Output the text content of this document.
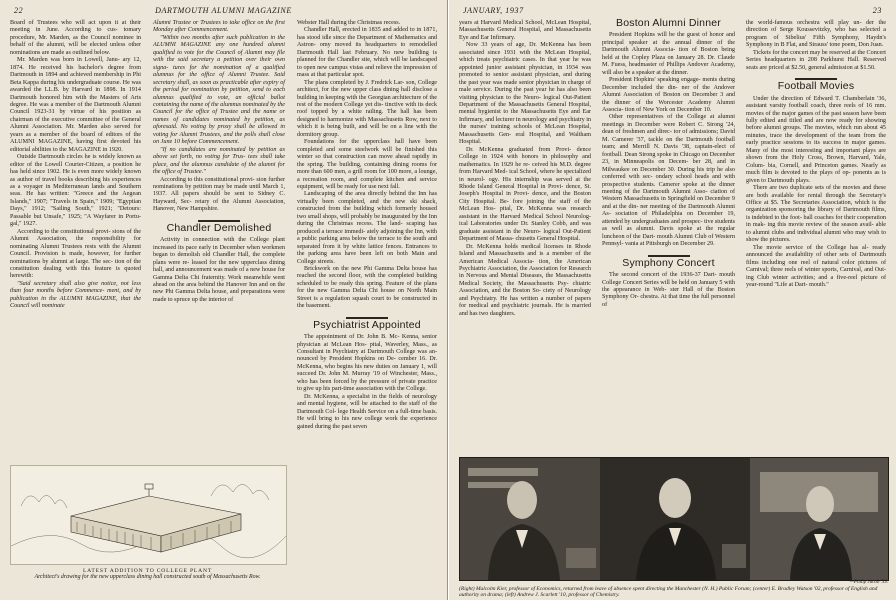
22	DARTMOUTH ALUMNI MAGAZINE

Board of Trustees who will act upon it at their meeting in June. According to cus- tomary procedure, Mr. Marden, as the Council nominee in behalf of the alumni, will be elected unless other nominations are made as outlined below.

Mr. Marden was born in Lowell, Janu- ary 12, 1874. He received his bachelor's degree from Dartmouth in 1894 and achieved membership in Phi Beta Kappa during his undergraduate course. He was awarded the LL.B. by Harvard in 1898. In 1914 Dartmouth honored him with the Masters of Arts degree. He was a member of the Dartmouth Alumni Council 1923-31 by virtue of his position as chairman of the executive committee of the General Alumni Association. Mr. Marden also served for years as a member of the board of editors of the ALUMNI MAGAZINE, having first devoted his editorial abilities to the MAGAZINE in 1920.

Outside Dartmouth circles he is widely known as editor of the Lowell Courier-Citizen, a position he has held since 1902. He is even more widely known as author of travel books describing his experiences as a voyager in Mediterranean lands and Southern seas. He has written: "Greece and the Aegean Islands," 1907; "Travels in Spain," 1909; "Egyptian Days," 1912; "Sailing South," 1921; "Detours: Passable but Unsafe," 1925; "A Wayfarer in Portu- gal," 1927.

According to the constitutional provi- sions of the Alumni Association, the responsibility for nominating Alumni Trustees rests with the Alumni Council. Provision is made, however, for further nominations by alumni at large. The sec- tion of the constitution dealing with this feature is quoted herewith:

"Said secretary shall also give notice, not less than four months before Commence- ment, and by publication in the ALUMNI MAGAZINE, that the Council will nominate

Alumni Trustee or Trustees to take office on the first Monday after Commencement.

"Within two months after such publication in the ALUMNI MAGAZINE any one hundred alumni qualified to vote for the Council of Alumni may file with the said secretary a petition over their own signa- tures for the nomination of a qualified alumnus for the office of Alumni Trustee. Said secretary shall, as soon as practicable after expiry of the period for nomination by petition, send to each alumnus qualified to vote, an official ballot containing the name of the alumnus nominated by the Council for the office of Trustee and the name or names of candidates nominated by petition, as aforesaid. No voting by proxy shall be allowed in voting for Alumni Trustees, and the polls shall close on June 10 before Commencement.

"If no candidates are nominated by petition as above set forth, no voting for Trus- tees shall take place, and the alumnus candidate of the alumni for the office of Trustee."

According to this constitutional provi- sion further nominations by petition may be made until March 1, 1937. All papers should be sent to Sidney C. Hayward, Sec- retary of the Alumni Association, Hanover, New Hampshire.

Chandler Demolished

Activity in connection with the College plant increased its pace early in December when workmen began to demolish old Chandler Hall, the complete plans were re- leased for the new upperclass dining hall, and announcement was made of a new house for Gamma Delta Chi fraternity. Work meanwhile went ahead on the area behind the Hanover Inn and on the new Phi Gamma Delta house, and preparations were made to spruce up the interior of

LATEST ADDITION TO COLLEGE PLANT
Architect's drawing for the new upperclass dining hall constructed south of Massachusetts Row.

Webster Hall during the Christmas recess.

Chandler Hall, erected in 1835 and added to in 1871, has stood idle since the Department of Mathematics and Astron- omy moved its headquarters to remodelled Dartmouth Hall last February. No new building is planned for the Chandler site, which will be landscaped to open new campus vistas and relieve the impression of mass at that particular spot.

The plans completed by J. Fredrick Lar- son, College architect, for the new upper class dining hall disclose a building in keeping with the Georgian architecture of the rest of the modern College yet dis- tinctive with its deck roof topped by a white railing. The hall has been designed to harmonize with Massachusetts Row, next to which it is being built, and will be on a line with the dormitory group.

Foundations for the upperclass hall have been completed and some steelwork will be finished this winter so that construction can move ahead rapidly in the spring. The building, containing dining rooms for more than 600 men, a grill room for 100 more, a lounge, a recreation room, and complete kitchen and service equipment, will be ready for use next fall.

Landscaping of the area directly behind the Inn has virtually been completed, and the new ski shack, constructed from the building which formerly housed two small shops, will probably be inaugurated by the Inn during the Christmas recess. The land- scaping has produced a terrace immedi- ately adjoining the Inn, with a public parking area below the terrace to the south and separated from it by white lattice fences. Entrances to the parking area have been left on both Main and College streets.

Brickwork on the new Phi Gamma Delta house has reached the second floor, with the completed building scheduled to be ready this spring. Feature of the plans for the new Gamma Delta Chi house on North Main Street is a regulation squash court to be constructed in the basement.

Psychiatrist Appointed

The appointment of Dr. John B. Mc- Kenna, senior physician at McLean Hos- pital, Waverley, Mass., as Consultant in Psychiatry at Dartmouth College was an- nounced by President Hopkins on De- cember 16. Dr. McKenna, who begins his new duties on January 1, will succeed Dr. John M. Murray '19 of Winchester, Mass., who has been forced by the pressure of private practice to give up his part-time association with the College.

Dr. McKenna, a specialist in the fields of neurology and mental hygiene, will be attached to the staff of the Dartmouth Col- lege Health Service on a full-time basis. He will bring to his new college work the experience gained during the past seven

JANUARY, 1937	23

years at Harvard Medical School, McLean Hospital, Massachusetts General Hospital, and Massachusetts Eye and Ear Infirmary.

Now 33 years of age, Dr. McKenna has been associated since 1931 with the McLean Hospital, which treats psychiatric cases. In that year he was appointed junior assistant physician, in 1934 was promoted to senior assistant physician, and during the past year was made senior physician in charge of male service. During the past year he has also been visiting physician to the Neuro- logical Out-Patient Department of the Massachusetts General Hospital, mental hygienist to the Massachusetts Eye and Ear Infirmary, and lecturer in neurology and psychiatry in the nurses' training schools of McLean Hospital, Massachusetts Gen- eral Hospital, and Waltham Hospital.

Dr. McKenna graduated from Provi- dence College in 1924 with honors in philosophy and mathematics. In 1929 he re- ceived his M.D. degree from Harvard Med- ical School, where he specialized in neurol- ogy. His internship was served at the Rhode Island General Hospital in Provi- dence, St. Joseph's Hospital in Provi- dence, and the Boston City Hospital. Be- fore joining the staff of the McLean Hos- pital, Dr. McKenna was research assistant in the Harvard Medical School Neurolog- ical Laboratories under Dr. Stanley Cobb, and was graduate assistant in the Neuro- logical Out-Patient Department of Massa- chusetts General Hospital.

Dr. McKenna holds medical licenses in Rhode Island and Massachusetts and is a member of the American Medical Associa- tion, the American Psychiatric Association, the Association for Research in Nervous and Mental Diseases, the Massachusetts Medical Society, the Massachusetts Psy- chiatric Association, and the Boston So- ciety of Neurology and Psychiatry. He has written a number of papers for medical and psychiatric journals. He is married and has two daughters.

Boston Alumni Dinner

President Hopkins will be the guest of honor and principal speaker at the annual dinner of the Dartmouth Alumni Associa- tion of Boston being held at the Copley Plaza on January 28. Dr. Claude M. Fuess, headmaster of Phillips Andover Academy, will also be a speaker at the dinner.

President Hopkins' speaking engage- ments during December included the din- ner of the Andover Alumni Association of Boston on December 3 and the dinner of the Worcester Academy Alumni Associa- tion of New York on December 10.

Other representatives of the College at alumni meetings in December were Robert C. Strong '24, dean of freshmen and direc- tor of admissions; David M. Camerer '37, tackle on the Dartmouth football team; and Merrill N. Davis '38, captain-elect of football. Dean Strong spoke in Chicago on December 23, in Minneapolis on Decem- ber 28, and in Milwaukee on December 30. During his trip he also conferred with sec- ondary school heads and with prospective students. Camerer spoke at the dinner meeting of the Dartmouth Alumni Asso- ciation of Western Massachusetts in Springfield on December 9 and at the din- ner meeting of the Dartmouth Alumni As- sociation of Philadelphia on December 19, attended by undergraduates and prospec- tive students as well as alumni. Davis spoke at the regular luncheon of the Dart- mouth Alumni Club of Western Pennsyl- vania at Pittsburgh on December 29.

Symphony Concert

The second concert of the 1936-37 Dart- mouth College Concert Series will be held on January 5 with the appearance in Web- ster Hall of the Boston Symphony Or- chestra. At that time the full personnel of

the world-famous orchestra will play un- der the direction of Serge Koussevitzky, who has selected a program of Sibelius' Fifth Symphony, Haydn's Symphony in B Flat, and Strauss' tone poem, Don Juan.

Tickets for the concert may be reserved at the Concert Series headquarters in 208 Parkhurst Hall. Reserved seats are priced at $2.50, general admission at $1.50.

Football Movies

Under the direction of Edward T. Chamberlain '36, assistant varsity football coach, three reels of 16 mm. movies of the major games of the past season have been fully edited and titled and are now ready for showing before alumni groups. The movies, which run about 45 minutes, trace the development of the team from the early practice sessions to its success in major games. Many of the most interesting and important plays are shown from the Holy Cross, Brown, Harvard, Yale, Colum- bia, Cornell, and Princeton games. Nearly as much film is devoted to the plays of op- ponents as is given to Dartmouth plays.

There are two duplicate sets of the movies and these are both available for rental through the Secretary's Office at $5. The Secretaries Association, which is the organization sponsoring the library of Dartmouth films, is indebted to the foot- ball coaches for their cooperation in mak- ing this movie review of the season avail- able to alumni clubs and individual alumni who may wish to show the pictures.

The movie service of the College has al- ready announced the availability of other sets of Dartmouth films including one reel of natural color pictures of Carnival; three reels of winter sports, Carnival, and Out- ing Club winter activities; and a five-reel picture of year-round "Life at Dart- mouth."

—Philip Jacob '39.
(Right) Malcolm Kier, professor of Economics, returned from leave of absence spent directing the Manchester (N. H.) Public Forum; (center) E. Bradley Watson '02, professor of English and authority on drama; (left) Andrew J. Scarlett '10, professor of Chemistry.
